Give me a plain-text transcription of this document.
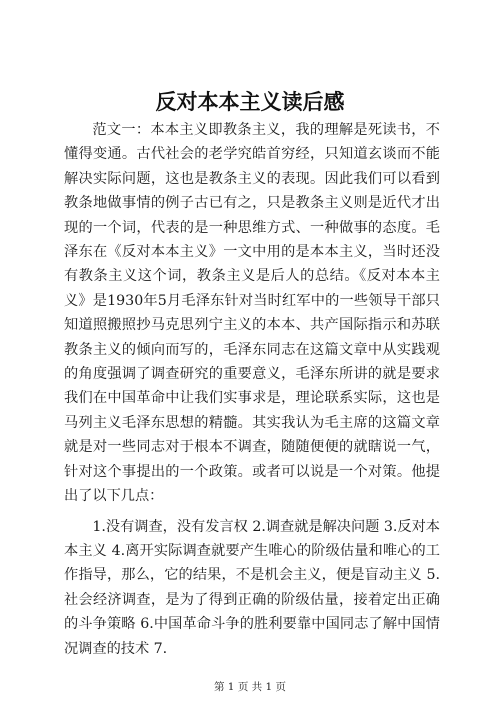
反对本本主义读后感

范文一：本本主义即教条主义，我的理解是死读书，不懂得变通。古代社会的老学究皓首穷经，只知道玄谈而不能解决实际问题，这也是教条主义的表现。因此我们可以看到教条地做事情的例子古已有之，只是教条主义则是近代才出现的一个词，代表的是一种思维方式、一种做事的态度。毛泽东在《反对本本主义》一文中用的是本本主义，当时还没有教条主义这个词，教条主义是后人的总结。《反对本本主义》是1930年5月毛泽东针对当时红军中的一些领导干部只知道照搬照抄马克思列宁主义的本本、共产国际指示和苏联教条主义的倾向而写的，毛泽东同志在这篇文章中从实践观的角度强调了调查研究的重要意义，毛泽东所讲的就是要求我们在中国革命中让我们实事求是，理论联系实际，这也是马列主义毛泽东思想的精髓。其实我认为毛主席的这篇文章就是对一些同志对于根本不调查，随随便便的就瞎说一气，针对这个事提出的一个政策。或者可以说是一个对策。他提出了以下几点：

1.没有调查，没有发言权 2.调查就是解决问题 3.反对本本主义 4.离开实际调查就要产生唯心的阶级估量和唯心的工作指导，那么，它的结果，不是机会主义，便是盲动主义 5.社会经济调查，是为了得到正确的阶级估量，接着定出正确的斗争策略 6.中国革命斗争的胜利要靠中国同志了解中国情况调查的技术 7.

第 1 页 共 1 页
